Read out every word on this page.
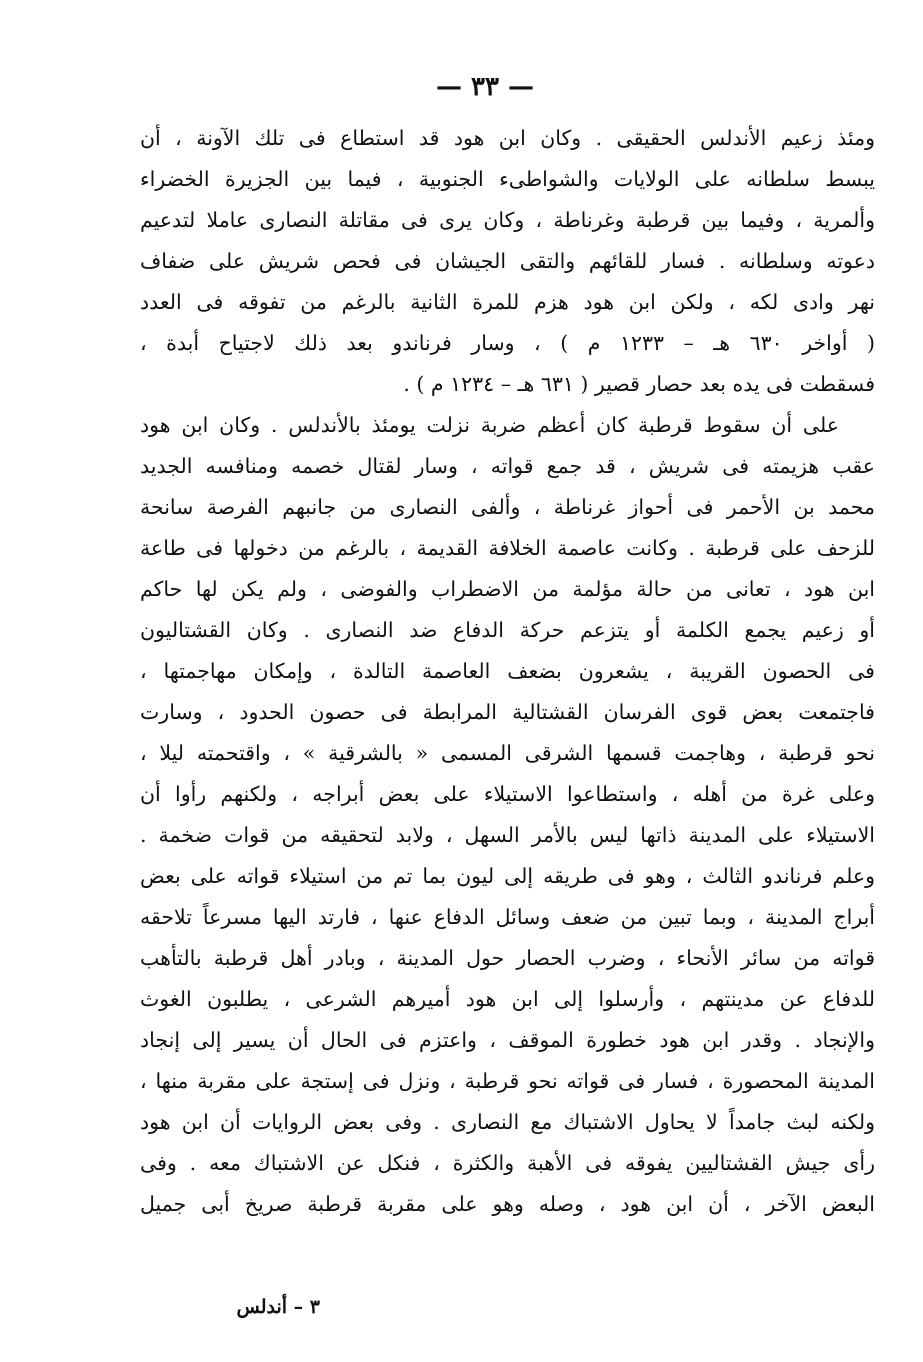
— ٣٣ —
ومئذ زعيم الأندلس الحقيقى . وكان ابن هود قد استطاع فى تلك الآونة ، أن
يبسط سلطانه على الولايات والشواطىء الجنوبية ، فيما بين الجزيرة الخضراء
وألمرية ، وفيما بين قرطبة وغرناطة ، وكان يرى فى مقاتلة النصارى عاملا لتدعيم
دعوته وسلطانه . فسار للقائهم والتقى الجيشان فى فحص شريش على ضفاف
نهر وادى لكه ، ولكن ابن هود هزم للمرة الثانية بالرغم من تفوقه فى العدد
( أواخر ٦٣٠ هـ – ١٢٣٣ م ) ، وسار فرناندو بعد ذلك لاجتياح أبدة ،
فسقطت فى يده بعد حصار قصير ( ٦٣١ هـ – ١٢٣٤ م ) .
على أن سقوط قرطبة كان أعظم ضربة نزلت يومئذ بالأندلس . وكان ابن هود
عقب هزيمته فى شريش ، قد جمع قواته ، وسار لقتال خصمه ومنافسه الجديد
محمد بن الأحمر فى أحواز غرناطة ، وألفى النصارى من جانبهم الفرصة سانحة
للزحف على قرطبة . وكانت عاصمة الخلافة القديمة ، بالرغم من دخولها فى طاعة
ابن هود ، تعانى من حالة مؤلمة من الاضطراب والفوضى ، ولم يكن لها حاكم
أو زعيم يجمع الكلمة أو يتزعم حركة الدفاع ضد النصارى . وكان القشتاليون
فى الحصون القريبة ، يشعرون بضعف العاصمة التالدة ، وإمكان مهاجمتها ،
فاجتمعت بعض قوى الفرسان القشتالية المرابطة فى حصون الحدود ، وسارت
نحو قرطبة ، وهاجمت قسمها الشرقى المسمى « بالشرقية » ، واقتحمته ليلا ،
وعلى غرة من أهله ، واستطاعوا الاستيلاء على بعض أبراجه ، ولكنهم رأوا أن
الاستيلاء على المدينة ذاتها ليس بالأمر السهل ، ولابد لتحقيقه من قوات ضخمة .
وعلم فرناندو الثالث ، وهو فى طريقه إلى ليون بما تم من استيلاء قواته على بعض
أبراج المدينة ، وبما تبين من ضعف وسائل الدفاع عنها ، فارتد اليها مسرعاً تلاحقه
قواته من سائر الأنحاء ، وضرب الحصار حول المدينة ، وبادر أهل قرطبة بالتأهب
للدفاع عن مدينتهم ، وأرسلوا إلى ابن هود أميرهم الشرعى ، يطلبون الغوث
والإنجاد . وقدر ابن هود خطورة الموقف ، واعتزم فى الحال أن يسير إلى إنجاد
المدينة المحصورة ، فسار فى قواته نحو قرطبة ، ونزل فى إستجة على مقربة منها ،
ولكنه لبث جامداً لا يحاول الاشتباك مع النصارى . وفى بعض الروايات أن ابن هود
رأى جيش القشتاليين يفوقه فى الأهبة والكثرة ، فنكل عن الاشتباك معه . وفى
البعض الآخر ، أن ابن هود ، وصله وهو على مقربة قرطبة صريخ أبى جميل
٣ – أندلس
